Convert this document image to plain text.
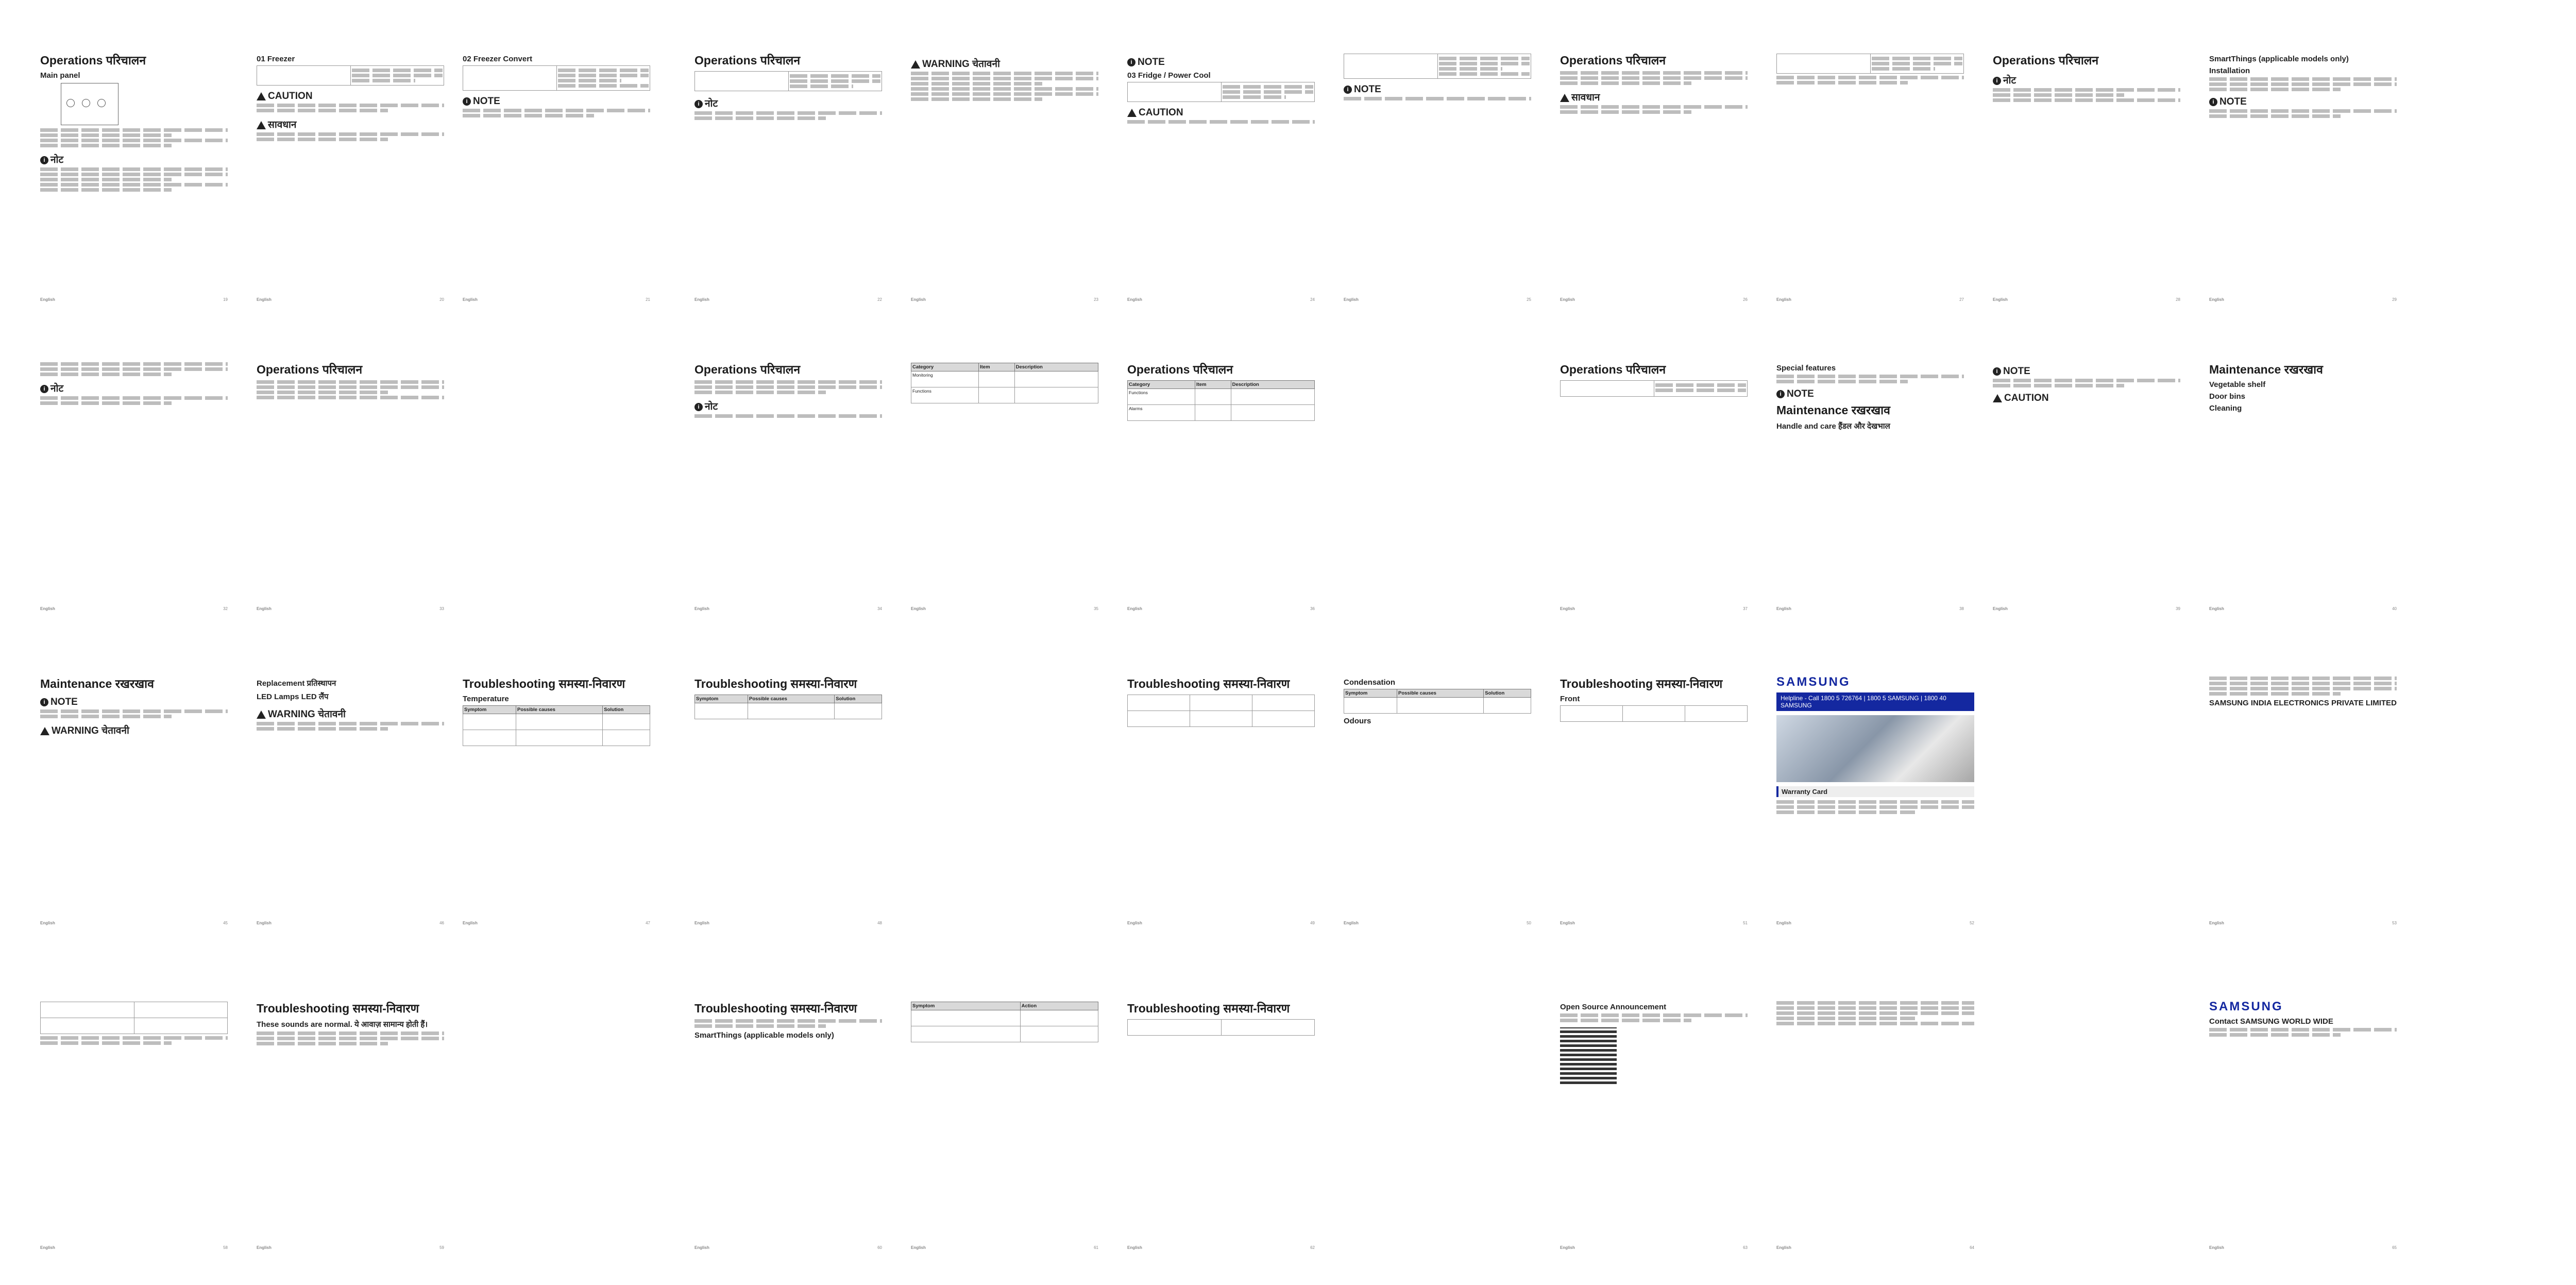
Operations परिचालन
Main panel
i नोट
English	19
01 Freezer

CAUTION
सावधान
English	20
02 Freezer Convert

i NOTE
English	21
Operations परिचालन

i नोट
English	22
WARNING चेतावनी
English	23
i NOTE
03 Fridge / Power Cool

CAUTION
English	24

i NOTE
English	25
Operations परिचालन
सावधान
English	26
		English	27
Operations परिचालन
i नोट
English	28
SmartThings (applicable models only)
Installation
i NOTE
English	29
i नोट
English	32
Operations परिचालन
English	33
Operations परिचालन
i नोट
English	34
Category	Item	Description
Monitoring		
Functions		
English	35
Operations परिचालन
Category	Item	Description
Functions		
Alarms		
English	36
Operations परिचालन

English	37
Special features
i NOTE
Maintenance रखरखाव
Handle and care हैंडल और देखभाल
English	38
i NOTE
CAUTION
English	39
Maintenance रखरखाव
Vegetable shelf
Door bins
Cleaning
English	40
Maintenance रखरखाव
i NOTE
WARNING चेतावनी
English	45
Replacement प्रतिस्थापन
LED Lamps LED लैंप
WARNING चेतावनी
English	46
Troubleshooting समस्या-निवारण
Temperature
Symptom	Possible causes	Solution

English	47
Troubleshooting समस्या-निवारण
Symptom	Possible causes	Solution

English	48
Troubleshooting समस्या-निवारण

English	49
Condensation
Symptom	Possible causes	Solution

Odours
English	50
Troubleshooting समस्या-निवारण
Front

English	51
SAMSUNG
Helpline - Call 1800 5 726764 | 1800 5 SAMSUNG | 1800 40 SAMSUNG
Warranty Card
English	52
SAMSUNG INDIA ELECTRONICS PRIVATE LIMITED
English	53

English	58
Troubleshooting समस्या-निवारण
These sounds are normal. ये आवाज़ सामान्य होती हैं।
English	59
Troubleshooting समस्या-निवारण
SmartThings (applicable models only)
English	60
Symptom	Action

English	61
Troubleshooting समस्या-निवारण

English	62
Open Source Announcement
English	63	English	64
SAMSUNG
Contact SAMSUNG WORLD WIDE
English	65
